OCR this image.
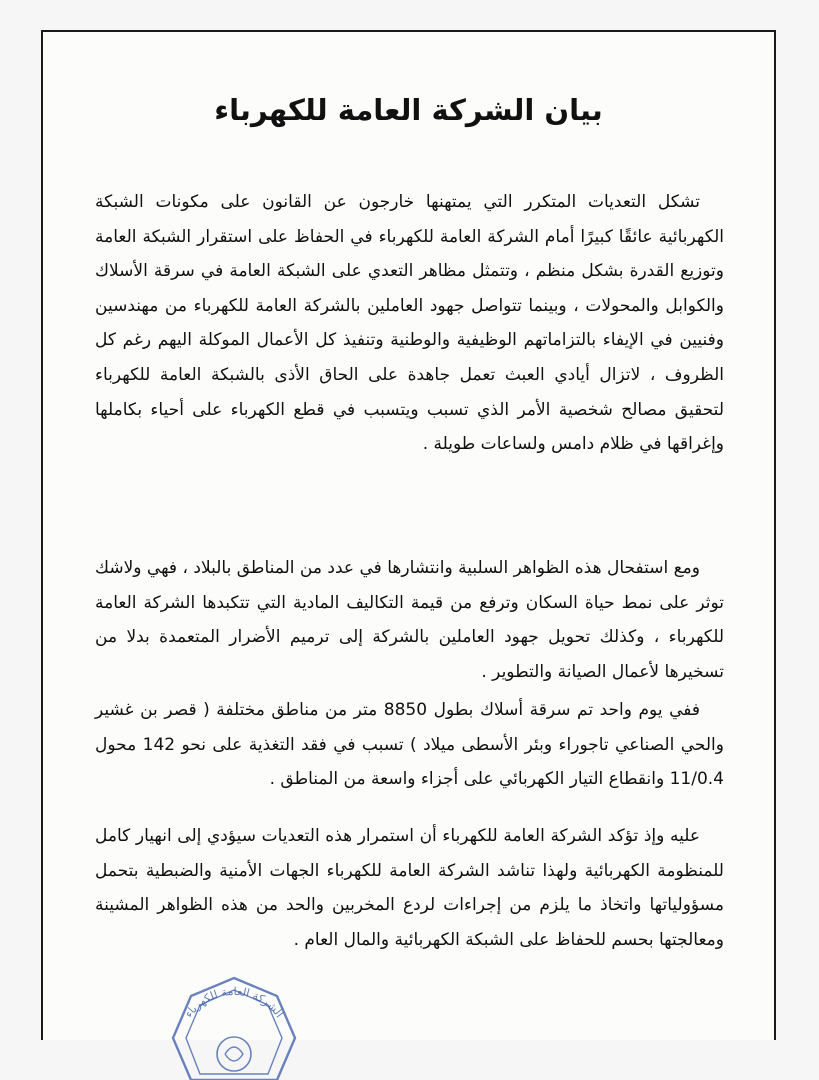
بيان الشركة العامة للكهرباء

تشكل التعديات المتكرر التي يمتهنها خارجون عن القانون على مكونات الشبكة الكهربائية عائقًا كبيرًا أمام الشركة العامة للكهرباء في الحفاظ على استقرار الشبكة العامة وتوزيع القدرة بشكل منظم ، وتتمثل مظاهر التعدي على الشبكة العامة في سرقة الأسلاك والكوابل والمحولات ، وبينما تتواصل جهود العاملين بالشركة العامة للكهرباء من مهندسين وفنيين في الإيفاء بالتزاماتهم الوظيفية والوطنية وتنفيذ كل الأعمال الموكلة اليهم رغم كل الظروف ، لاتزال أيادي العبث تعمل جاهدة على الحاق الأذى بالشبكة العامة للكهرباء لتحقيق مصالح شخصية الأمر الذي تسبب ويتسبب في قطع الكهرباء على أحياء بكاملها وإغراقها في ظلام دامس ولساعات طويلة .

ومع استفحال هذه الظواهر السلبية وانتشارها في عدد من المناطق بالبلاد ، فهي ولاشك توثر على نمط حياة السكان وترفع من قيمة التكاليف المادية التي تتكبدها الشركة العامة للكهرباء ، وكذلك تحويل جهود العاملين بالشركة إلى ترميم الأضرار المتعمدة بدلا من تسخيرها لأعمال الصيانة والتطوير .

ففي يوم واحد تم سرقة أسلاك بطول 8850 متر من مناطق مختلفة ( قصر بن غشير والحي الصناعي تاجوراء وبئر الأسطى ميلاد ) تسبب في فقد التغذية على نحو 142 محول 11/0.4 وانقطاع التيار الكهربائي على أجزاء واسعة من المناطق .

عليه وإذ تؤكد الشركة العامة للكهرباء أن استمرار هذه التعديات سيؤدي إلى انهيار كامل للمنظومة الكهربائية ولهذا تناشد الشركة العامة للكهرباء الجهات الأمنية والضبطية بتحمل مسؤولياتها واتخاذ ما يلزم من إجراءات لردع المخربين والحد من هذه الظواهر المشينة ومعالجتها بحسم للحفاظ على الشبكة الكهربائية والمال العام .

الشركة العامة للكهرباء
